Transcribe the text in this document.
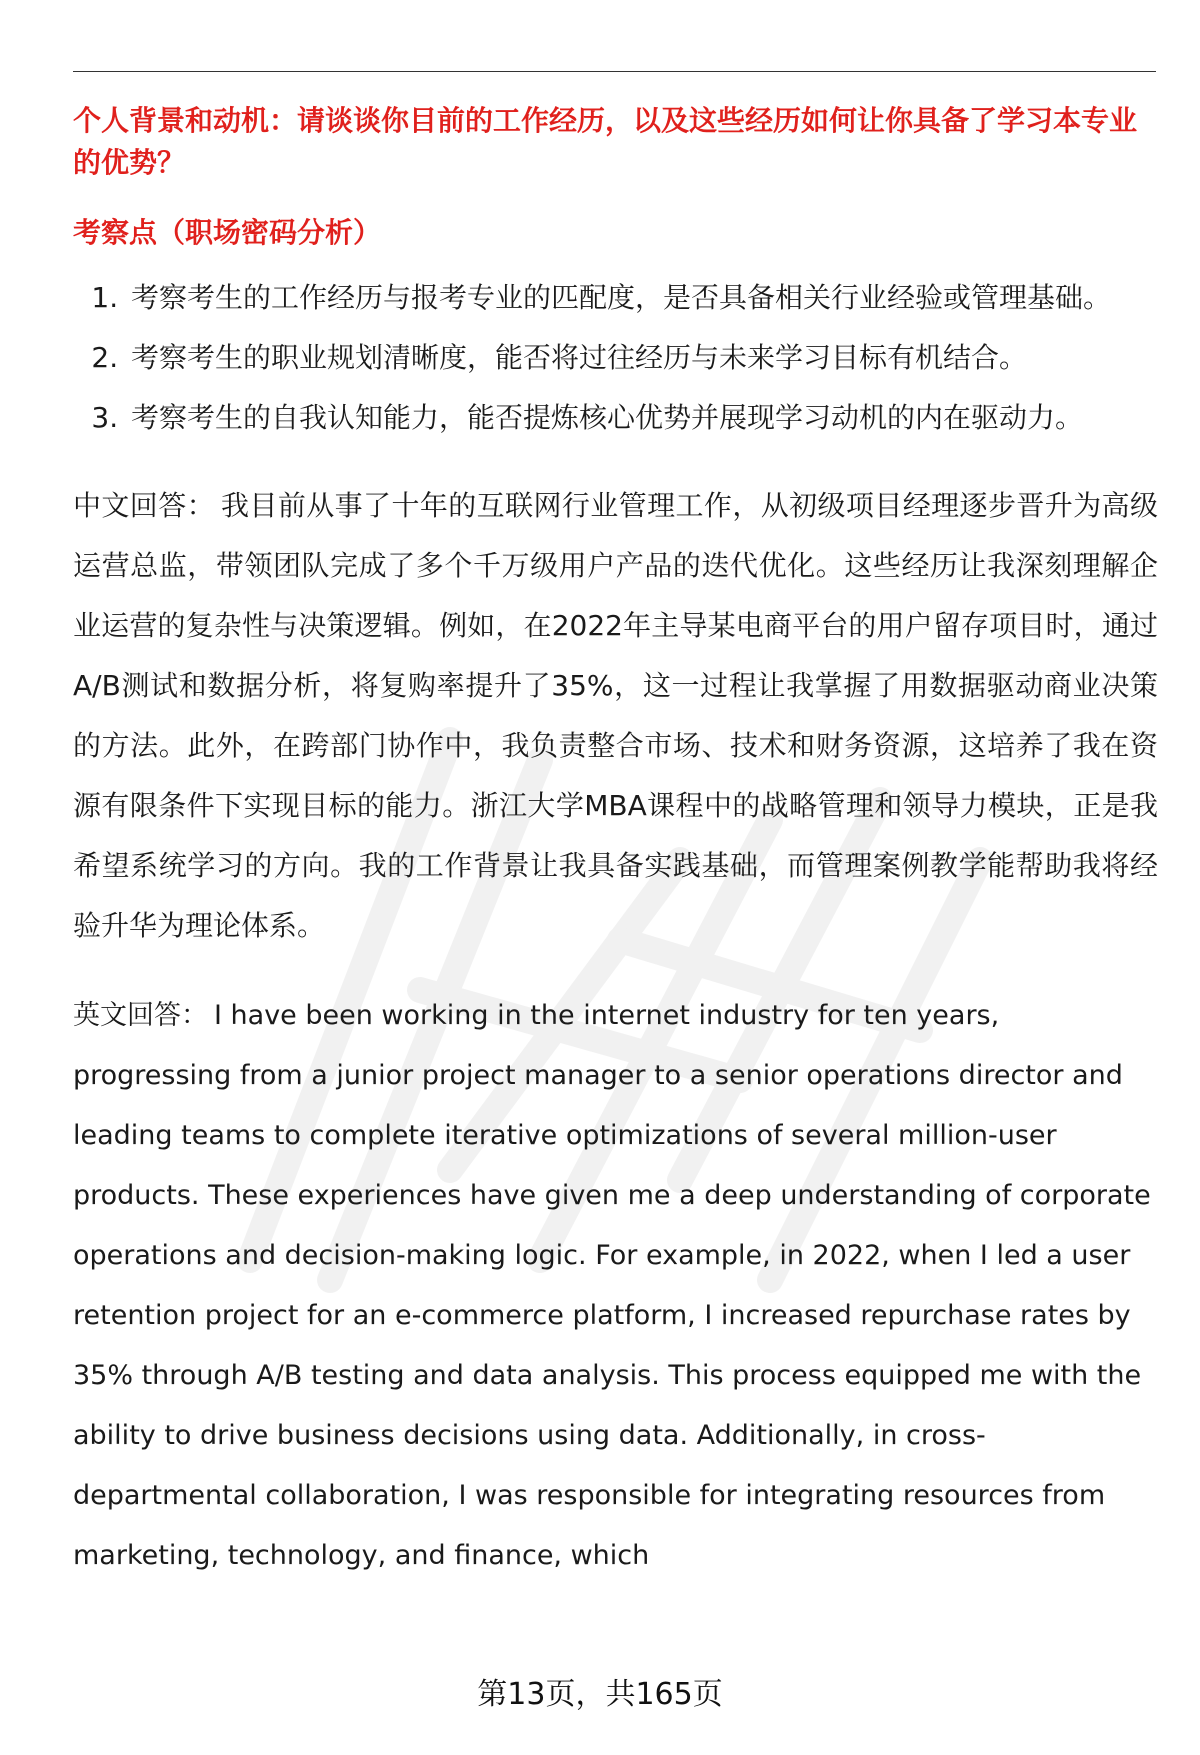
个人背景和动机：请谈谈你目前的工作经历，以及这些经历如何让你具备了学习本专业的优势？

考察点（职场密码分析）

1. 考察考生的工作经历与报考专业的匹配度，是否具备相关行业经验或管理基础。
2. 考察考生的职业规划清晰度，能否将过往经历与未来学习目标有机结合。
3. 考察考生的自我认知能力，能否提炼核心优势并展现学习动机的内在驱动力。

中文回答： 我目前从事了十年的互联网行业管理工作，从初级项目经理逐步晋升为高级运营总监，带领团队完成了多个千万级用户产品的迭代优化。这些经历让我深刻理解企业运营的复杂性与决策逻辑。例如，在2022年主导某电商平台的用户留存项目时，通过A/B测试和数据分析，将复购率提升了35%，这一过程让我掌握了用数据驱动商业决策的方法。此外，在跨部门协作中，我负责整合市场、技术和财务资源，这培养了我在资源有限条件下实现目标的能力。浙江大学MBA课程中的战略管理和领导力模块，正是我希望系统学习的方向。我的工作背景让我具备实践基础，而管理案例教学能帮助我将经验升华为理论体系。

英文回答： I have been working in the internet industry for ten years, progressing from a junior project manager to a senior operations director and leading teams to complete iterative optimizations of several million-user products. These experiences have given me a deep understanding of corporate operations and decision-making logic. For example, in 2022, when I led a user retention project for an e-commerce platform, I increased repurchase rates by 35% through A/B testing and data analysis. This process equipped me with the ability to drive business decisions using data. Additionally, in cross-departmental collaboration, I was responsible for integrating resources from marketing, technology, and finance, which

第13页，共165页
